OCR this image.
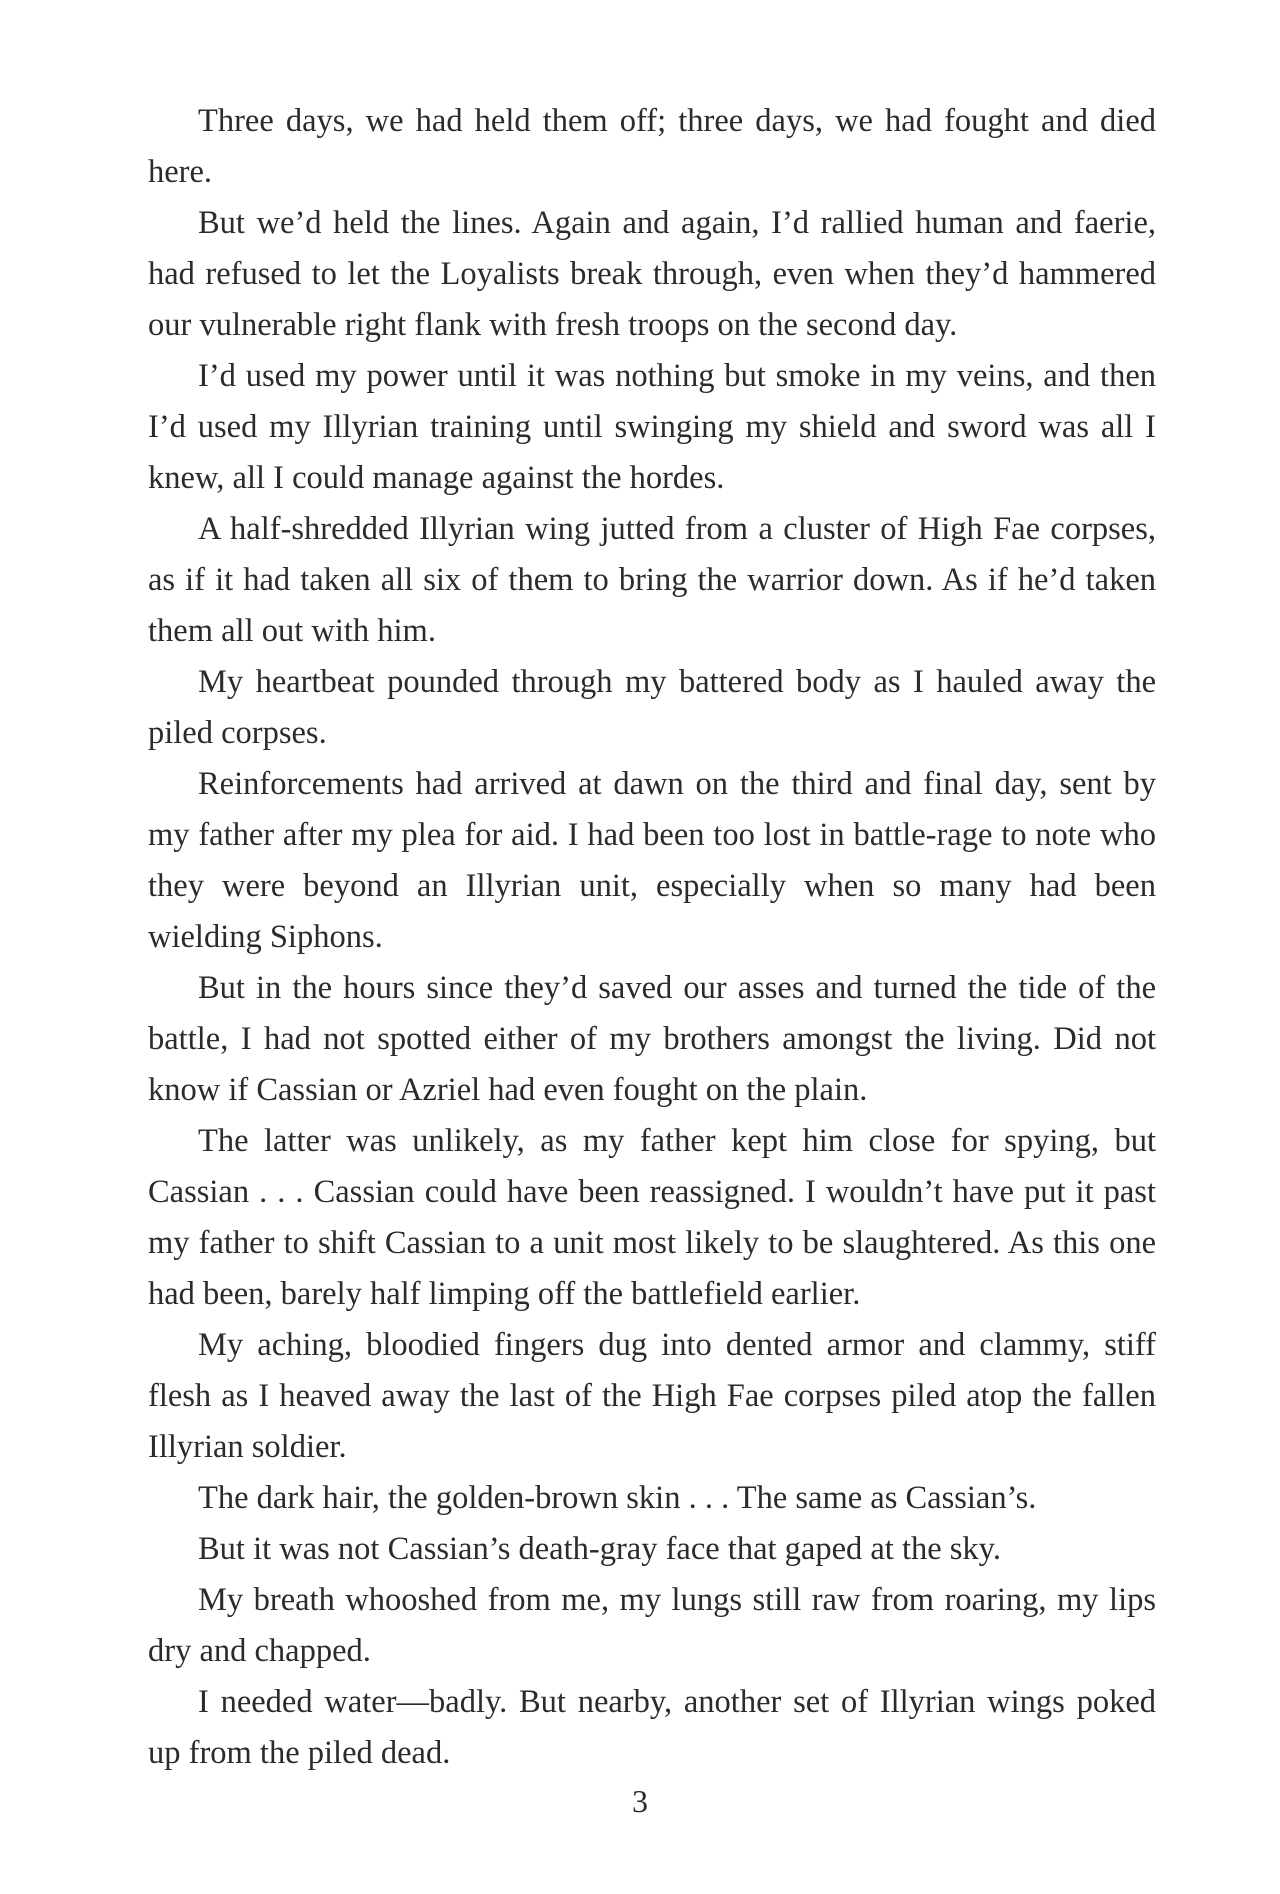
Three days, we had held them off; three days, we had fought and died here.

But we’d held the lines. Again and again, I’d rallied human and faerie, had refused to let the Loyalists break through, even when they’d hammered our vulnerable right flank with fresh troops on the second day.

I’d used my power until it was nothing but smoke in my veins, and then I’d used my Illyrian training until swinging my shield and sword was all I knew, all I could manage against the hordes.

A half-shredded Illyrian wing jutted from a cluster of High Fae corpses, as if it had taken all six of them to bring the warrior down. As if he’d taken them all out with him.

My heartbeat pounded through my battered body as I hauled away the piled corpses.

Reinforcements had arrived at dawn on the third and final day, sent by my father after my plea for aid. I had been too lost in battle-rage to note who they were beyond an Illyrian unit, especially when so many had been wielding Siphons.

But in the hours since they’d saved our asses and turned the tide of the battle, I had not spotted either of my brothers amongst the living. Did not know if Cassian or Azriel had even fought on the plain.

The latter was unlikely, as my father kept him close for spying, but Cassian . . . Cassian could have been reassigned. I wouldn’t have put it past my father to shift Cassian to a unit most likely to be slaughtered. As this one had been, barely half limping off the battlefield earlier.

My aching, bloodied fingers dug into dented armor and clammy, stiff flesh as I heaved away the last of the High Fae corpses piled atop the fallen Illyrian soldier.

The dark hair, the golden-brown skin . . . The same as Cassian’s.

But it was not Cassian’s death-gray face that gaped at the sky.

My breath whooshed from me, my lungs still raw from roaring, my lips dry and chapped.

I needed water—badly. But nearby, another set of Illyrian wings poked up from the piled dead.

3
